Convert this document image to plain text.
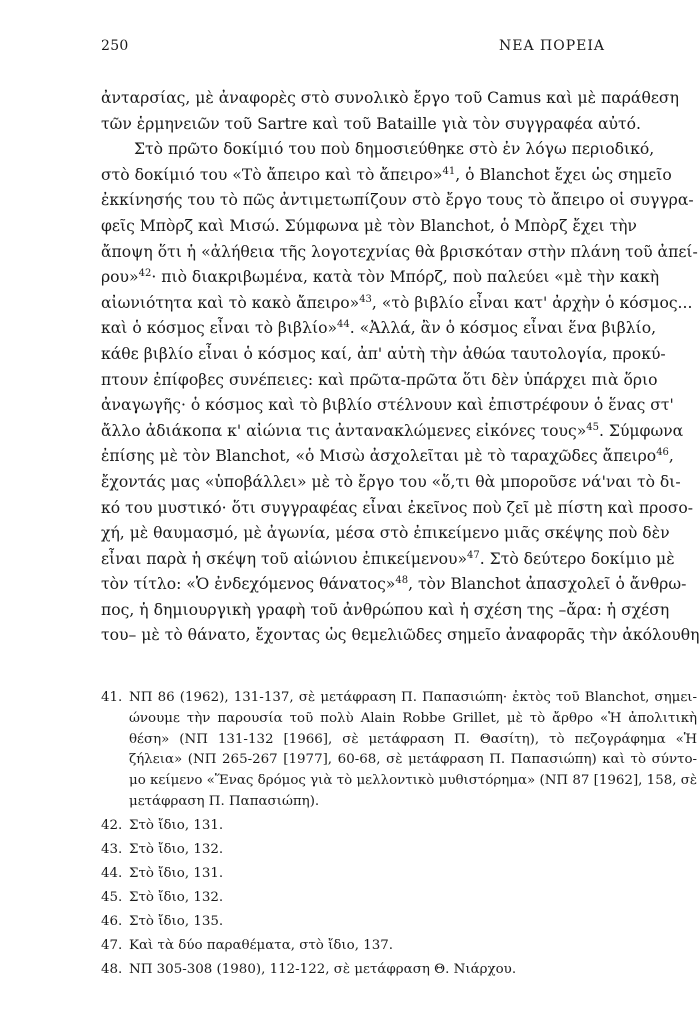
250	ΝΕΑ ΠΟΡΕΙΑ
ἀνταρσίας, μὲ ἀναφορὲς στὸ συνολικὸ ἔργο τοῦ Camus καὶ μὲ παράθεση
τῶν ἑρμηνειῶν τοῦ Sartre καὶ τοῦ Bataille γιὰ τὸν συγγραφέα αὐτό.
Στὸ πρῶτο δοκίμιό του ποὺ δημοσιεύθηκε στὸ ἐν λόγω περιοδικό,
στὸ δοκίμιό του «Τὸ ἄπειρο καὶ τὸ ἄπειρο»$^{41}$, ὁ Blanchot ἔχει ὡς σημεῖο
ἐκκίνησής του τὸ πῶς ἀντιμετωπίζουν στὸ ἔργο τους τὸ ἄπειρο οἱ συγγρα-
φεῖς Μπὸρζ καὶ Μισώ. Σύμφωνα μὲ τὸν Blanchot, ὁ Μπὸρζ ἔχει τὴν
ἄποψη ὅτι ἡ «ἀλήθεια τῆς λογοτεχνίας θὰ βρισκόταν στὴν πλάνη τοῦ ἀπεί-
ρου»$^{42}$· πιὸ διακριβωμένα, κατὰ τὸν Μπόρζ, ποὺ παλεύει «μὲ τὴν κακὴ
αἰωνιότητα καὶ τὸ κακὸ ἄπειρο»$^{43}$, «τὸ βιβλίο εἶναι κατ' ἀρχὴν ὁ κόσμος...
καὶ ὁ κόσμος εἶναι τὸ βιβλίο»$^{44}$. «Ἀλλά, ἂν ὁ κόσμος εἶναι ἕνα βιβλίο,
κάθε βιβλίο εἶναι ὁ κόσμος καί, ἀπ' αὐτὴ τὴν ἀθώα ταυτολογία, προκύ-
πτουν ἐπίφοβες συνέπειες: καὶ πρῶτα-πρῶτα ὅτι δὲν ὑπάρχει πιὰ ὅριο
ἀναγωγῆς· ὁ κόσμος καὶ τὸ βιβλίο στέλνουν καὶ ἐπιστρέφουν ὁ ἕνας στ'
ἄλλο ἀδιάκοπα κ' αἰώνια τις ἀντανακλώμενες εἰκόνες τους»$^{45}$. Σύμφωνα
ἐπίσης μὲ τὸν Blanchot, «ὁ Μισὼ ἀσχολεῖται μὲ τὸ ταραχῶδες ἄπειρο$^{46}$,
ἔχοντάς μας «ὑποβάλλει» μὲ τὸ ἔργο του «ὅ,τι θὰ μποροῦσε νά'ναι τὸ δι-
κό του μυστικό· ὅτι συγγραφέας εἶναι ἐκεῖνος ποὺ ζεῖ μὲ πίστη καὶ προσο-
χή, μὲ θαυμασμό, μὲ ἀγωνία, μέσα στὸ ἐπικείμενο μιᾶς σκέψης ποὺ δὲν
εἶναι παρὰ ἡ σκέψη τοῦ αἰώνιου ἐπικείμενου»$^{47}$. Στὸ δεύτερο δοκίμιο μὲ
τὸν τίτλο: «Ὁ ἐνδεχόμενος θάνατος»$^{48}$, τὸν Blanchot ἀπασχολεῖ ὁ ἄνθρω-
πος, ἡ δημιουργικὴ γραφὴ τοῦ ἀνθρώπου καὶ ἡ σχέση της –ἄρα: ἡ σχέση
του– μὲ τὸ θάνατο, ἔχοντας ὡς θεμελιῶδες σημεῖο ἀναφορᾶς τὴν ἀκόλουθη
41. ΝΠ 86 (1962), 131-137, σὲ μετάφραση Π. Παπασιώπη· ἐκτὸς τοῦ Blanchot, σημει-
ώνουμε τὴν παρουσία τοῦ πολὺ Alain Robbe Grillet, μὲ τὸ ἄρθρο «Ἡ ἀπολιτικὴ
θέση» (ΝΠ 131-132 [1966], σὲ μετάφραση Π. Θασίτη), τὸ πεζογράφημα «Ἡ
ζήλεια» (ΝΠ 265-267 [1977], 60-68, σὲ μετάφραση Π. Παπασιώπη) καὶ τὸ σύντο-
μο κείμενο «Ἕνας δρόμος γιὰ τὸ μελλοντικὸ μυθιστόρημα» (ΝΠ 87 [1962], 158, σὲ
μετάφραση Π. Παπασιώπη).
42. Στὸ ἴδιο, 131.
43. Στὸ ἴδιο, 132.
44. Στὸ ἴδιο, 131.
45. Στὸ ἴδιο, 132.
46. Στὸ ἴδιο, 135.
47. Καὶ τὰ δύο παραθέματα, στὸ ἴδιο, 137.
48. ΝΠ 305-308 (1980), 112-122, σὲ μετάφραση Θ. Νιάρχου.
